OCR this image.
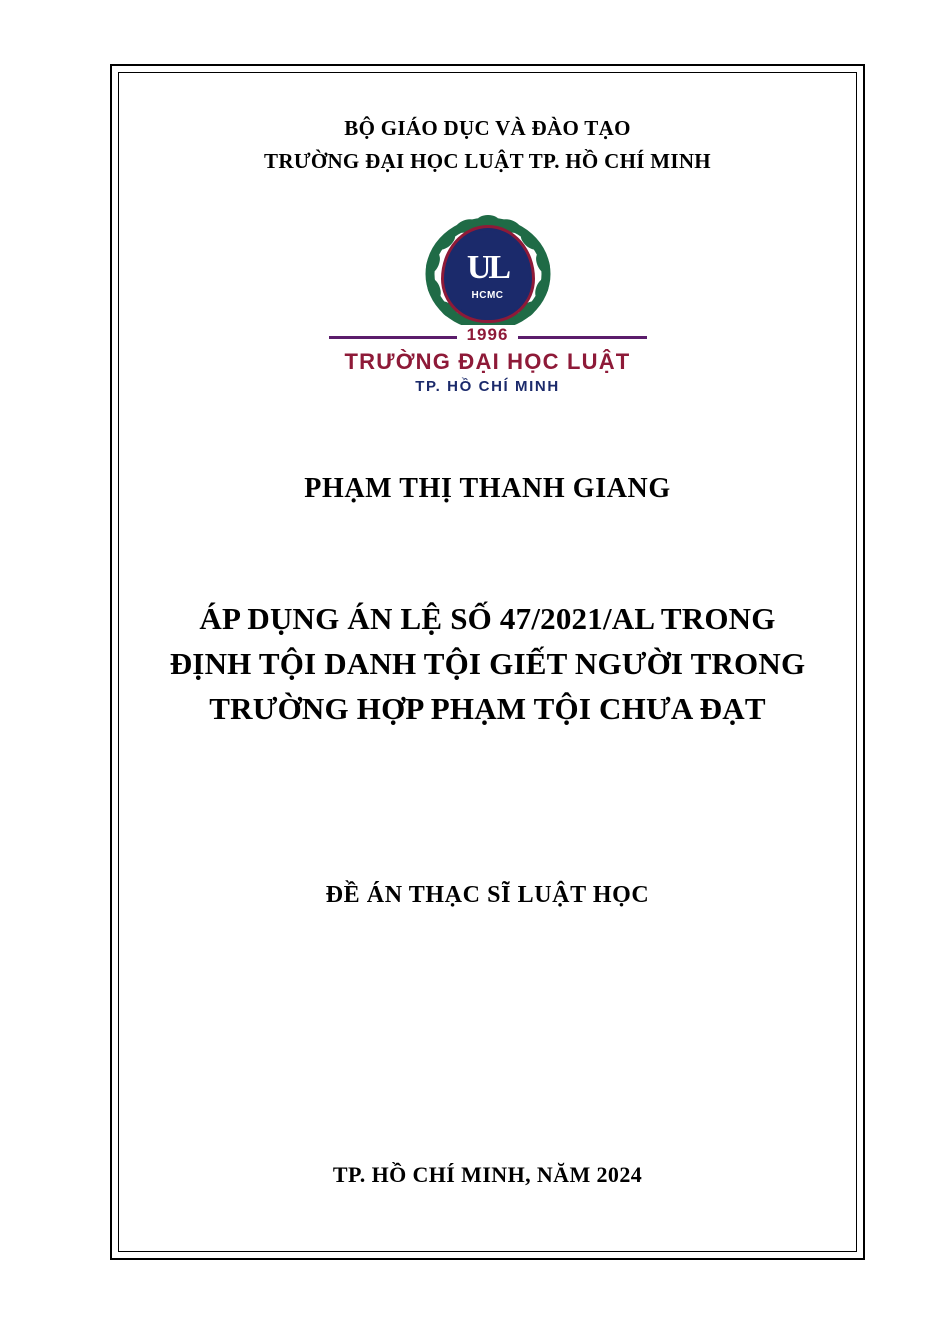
BỘ GIÁO DỤC VÀ ĐÀO TẠO
TRƯỜNG ĐẠI HỌC LUẬT TP. HỒ CHÍ MINH
UL
HCMC
1996
TRƯỜNG ĐẠI HỌC LUẬT
TP. HỒ CHÍ MINH
PHẠM THỊ THANH GIANG
ÁP DỤNG ÁN LỆ SỐ 47/2021/AL TRONG
ĐỊNH TỘI DANH TỘI GIẾT NGƯỜI TRONG
TRƯỜNG HỢP PHẠM TỘI CHƯA ĐẠT
ĐỀ ÁN THẠC SĨ LUẬT HỌC
TP. HỒ CHÍ MINH, NĂM 2024
